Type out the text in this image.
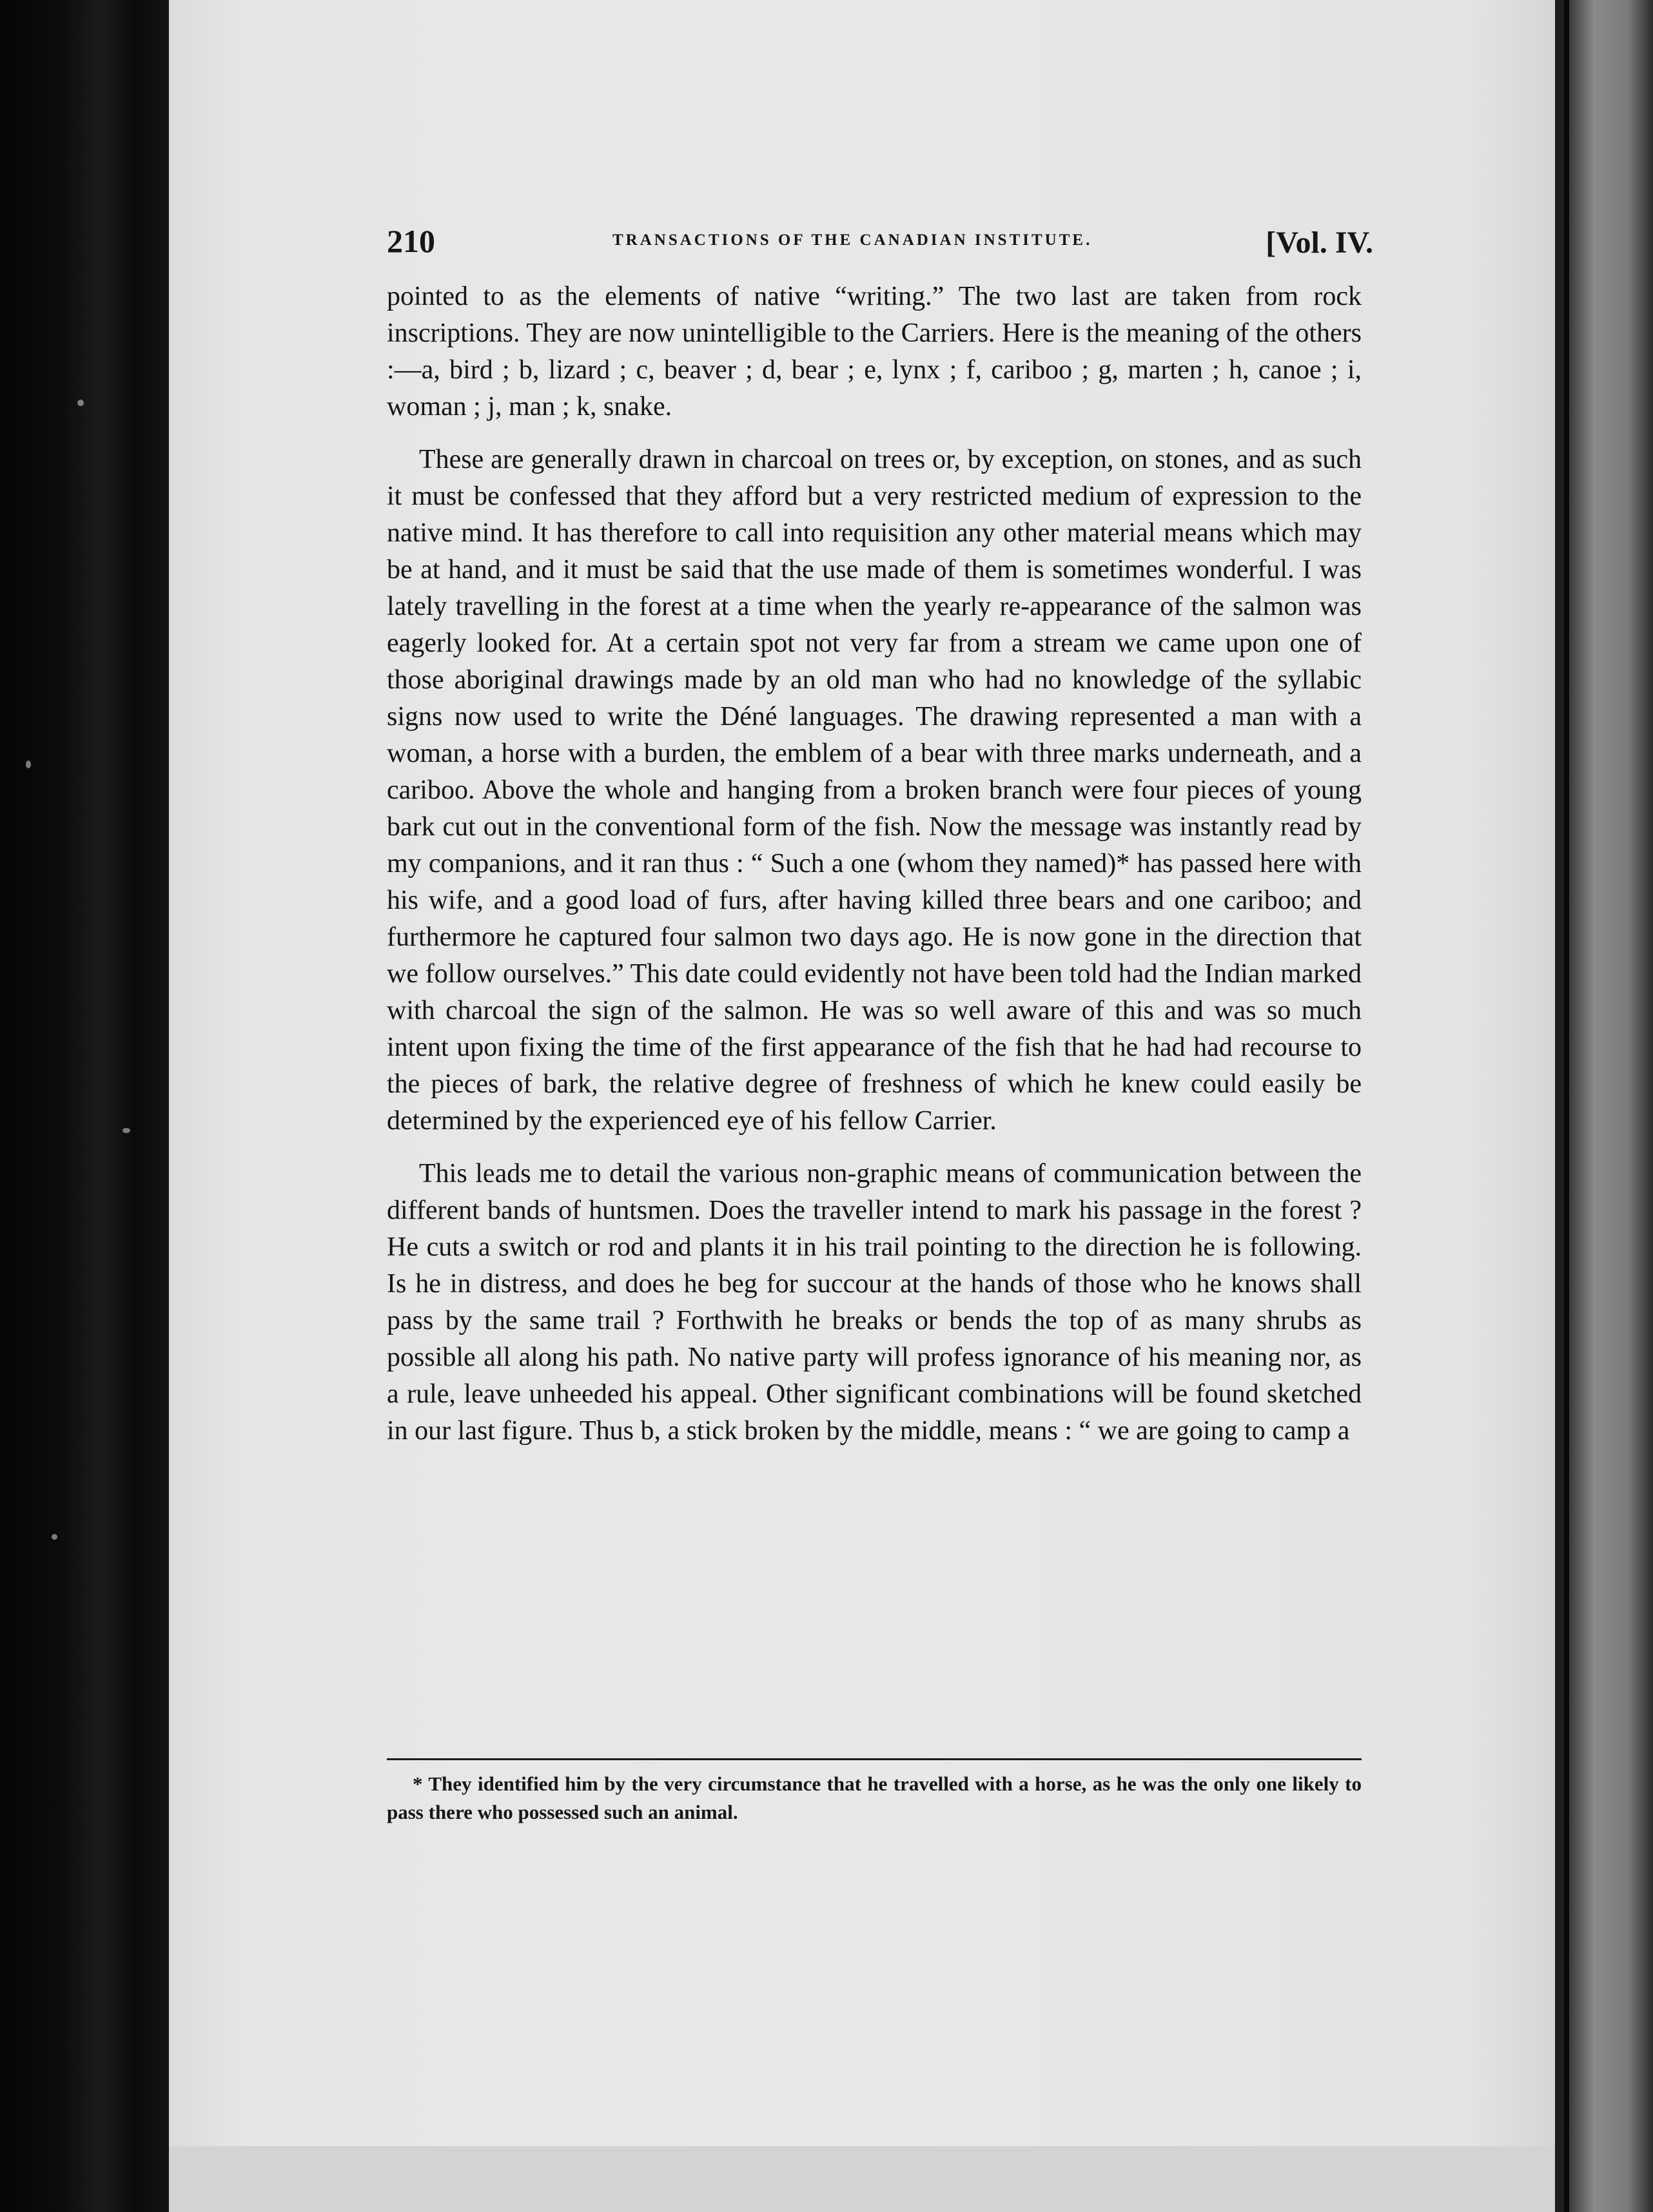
210	TRANSACTIONS OF THE CANADIAN INSTITUTE.	[Vol. IV.

pointed to as the elements of native “writing.” The two last are taken from rock inscriptions. They are now unintelligible to the Carriers. Here is the meaning of the others :—a, bird ; b, lizard ; c, beaver ; d, bear ; e, lynx ; f, cariboo ; g, marten ; h, canoe ; i, woman ; j, man ; k, snake.

These are generally drawn in charcoal on trees or, by exception, on stones, and as such it must be confessed that they afford but a very restricted medium of expression to the native mind. It has therefore to call into requisition any other material means which may be at hand, and it must be said that the use made of them is sometimes wonderful. I was lately travelling in the forest at a time when the yearly re-appearance of the salmon was eagerly looked for. At a certain spot not very far from a stream we came upon one of those aboriginal drawings made by an old man who had no knowledge of the syllabic signs now used to write the Déné languages. The drawing represented a man with a woman, a horse with a burden, the emblem of a bear with three marks underneath, and a cariboo. Above the whole and hanging from a broken branch were four pieces of young bark cut out in the conventional form of the fish. Now the message was instantly read by my companions, and it ran thus : “ Such a one (whom they named)* has passed here with his wife, and a good load of furs, after having killed three bears and one cariboo; and furthermore he captured four salmon two days ago. He is now gone in the direction that we follow ourselves.” This date could evidently not have been told had the Indian marked with charcoal the sign of the salmon. He was so well aware of this and was so much intent upon fixing the time of the first appearance of the fish that he had had recourse to the pieces of bark, the relative degree of freshness of which he knew could easily be determined by the experienced eye of his fellow Carrier.

This leads me to detail the various non-graphic means of communication between the different bands of huntsmen. Does the traveller intend to mark his passage in the forest ? He cuts a switch or rod and plants it in his trail pointing to the direction he is following. Is he in distress, and does he beg for succour at the hands of those who he knows shall pass by the same trail ? Forthwith he breaks or bends the top of as many shrubs as possible all along his path. No native party will profess ignorance of his meaning nor, as a rule, leave unheeded his appeal. Other significant combinations will be found sketched in our last figure. Thus b, a stick broken by the middle, means : “ we are going to camp a

* They identified him by the very circumstance that he travelled with a horse, as he was the only one likely to pass there who possessed such an animal.
